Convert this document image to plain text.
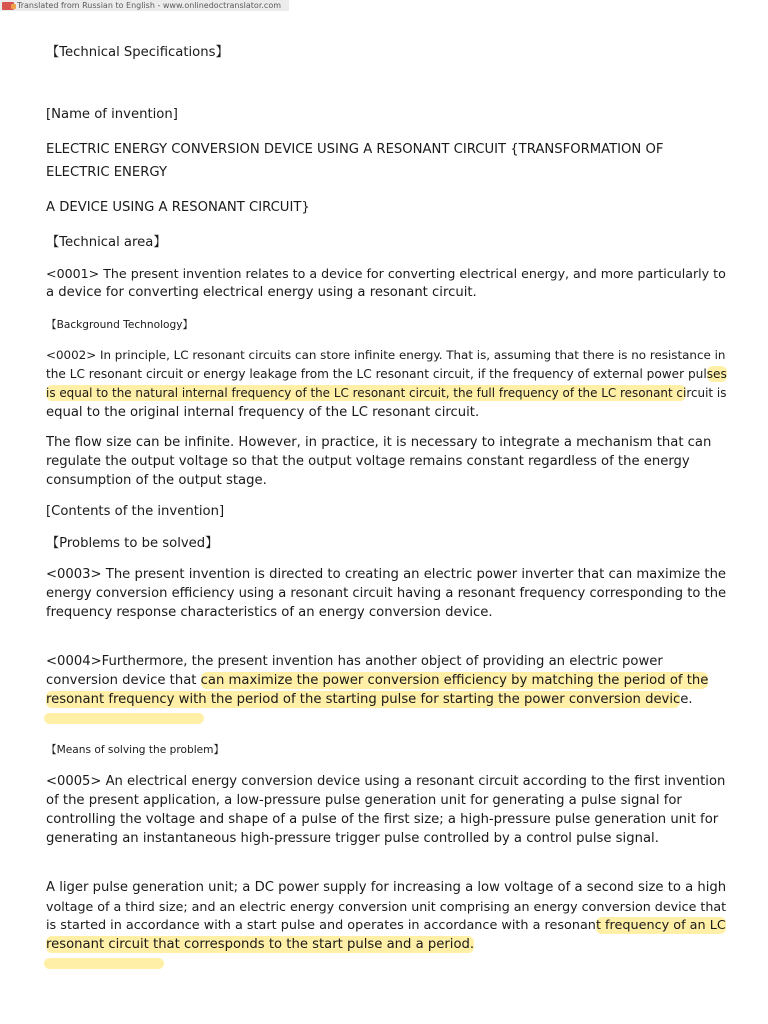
Translated from Russian to English - www.onlinedoctranslator.com

【Technical Specifications】

[Name of invention]

ELECTRIC ENERGY CONVERSION DEVICE USING A RESONANT CIRCUIT {TRANSFORMATION OF

ELECTRIC ENERGY

A DEVICE USING A RESONANT CIRCUIT}

【Technical area】

<0001> The present invention relates to a device for converting electrical energy, and more particularly to

a device for converting electrical energy using a resonant circuit.

【Background Technology】

<0002> In principle, LC resonant circuits can store infinite energy. That is, assuming that there is no resistance in

the LC resonant circuit or energy leakage from the LC resonant circuit, if the frequency of external power pulses

is equal to the natural internal frequency of the LC resonant circuit, the full frequency of the LC resonant circuit is

equal to the original internal frequency of the LC resonant circuit.

The flow size can be infinite. However, in practice, it is necessary to integrate a mechanism that can

regulate the output voltage so that the output voltage remains constant regardless of the energy

consumption of the output stage.

[Contents of the invention]

【Problems to be solved】

<0003> The present invention is directed to creating an electric power inverter that can maximize the

energy conversion efficiency using a resonant circuit having a resonant frequency corresponding to the

frequency response characteristics of an energy conversion device.

<0004>Furthermore, the present invention has another object of providing an electric power

conversion device that can maximize the power conversion efficiency by matching the period of the

resonant frequency with the period of the starting pulse for starting the power conversion device.

【Means of solving the problem】

<0005> An electrical energy conversion device using a resonant circuit according to the first invention

of the present application, a low-pressure pulse generation unit for generating a pulse signal for

controlling the voltage and shape of a pulse of the first size; a high-pressure pulse generation unit for

generating an instantaneous high-pressure trigger pulse controlled by a control pulse signal.

A liger pulse generation unit; a DC power supply for increasing a low voltage of a second size to a high

voltage of a third size; and an electric energy conversion unit comprising an energy conversion device that

is started in accordance with a start pulse and operates in accordance with a resonant frequency of an LC

resonant circuit that corresponds to the start pulse and a period.
